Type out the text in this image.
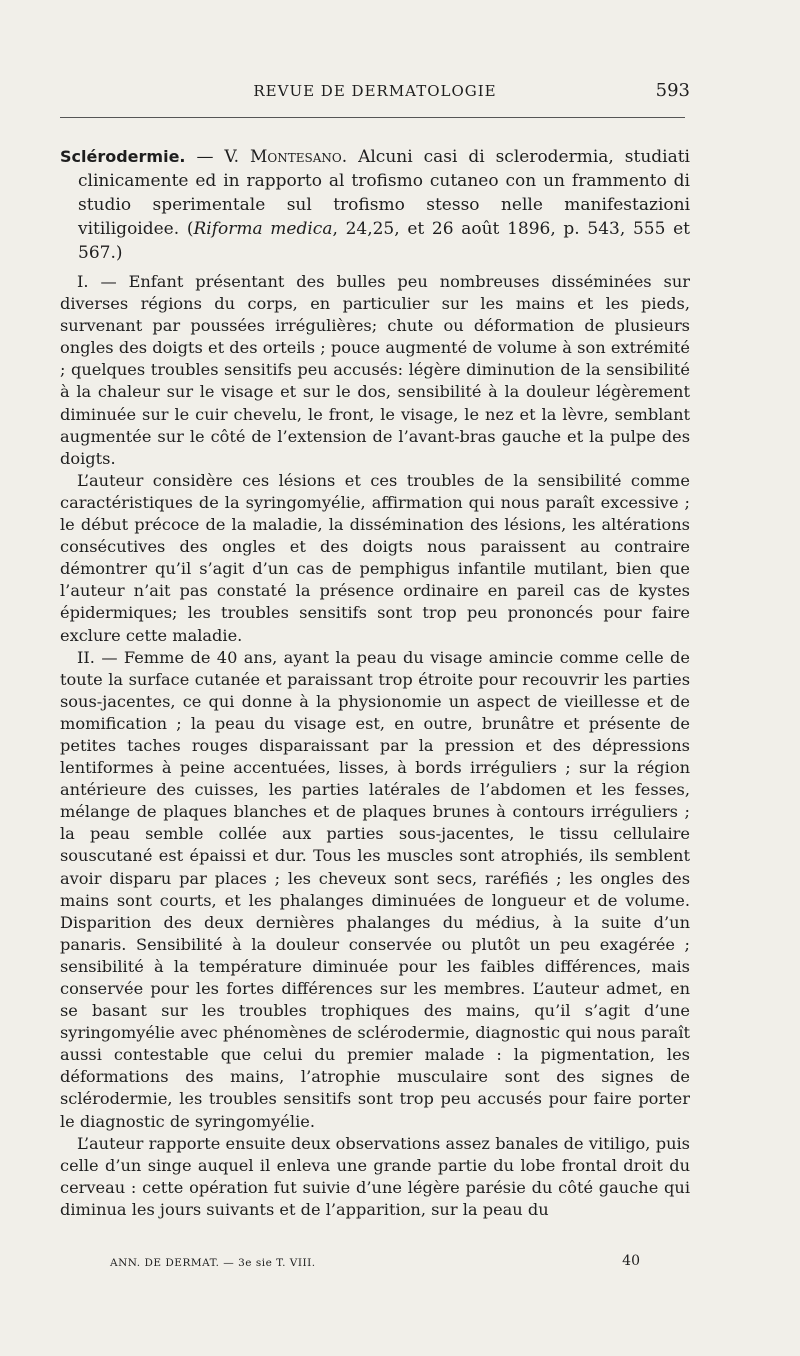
REVUE DE DERMATOLOGIE	593

Sclérodermie. — V. Montesano. Alcuni casi di sclerodermia, studiati clinicamente ed in rapporto al trofismo cutaneo con un frammento di studio sperimentale sul trofismo stesso nelle manifestazioni vitiligoidee. (Riforma medica, 24,25, et 26 août 1896, p. 543, 555 et 567.)

I. — Enfant présentant des bulles peu nombreuses disséminées sur diverses régions du corps, en particulier sur les mains et les pieds, survenant par poussées irrégulières; chute ou déformation de plusieurs ongles des doigts et des orteils ; pouce augmenté de volume à son extrémité ; quelques troubles sensitifs peu accusés: légère diminution de la sensibilité à la chaleur sur le visage et sur le dos, sensibilité à la douleur légèrement diminuée sur le cuir chevelu, le front, le visage, le nez et la lèvre, semblant augmentée sur le côté de l’extension de l’avant-bras gauche et la pulpe des doigts.

L’auteur considère ces lésions et ces troubles de la sensibilité comme caractéristiques de la syringomyélie, affirmation qui nous paraît excessive ; le début précoce de la maladie, la dissémination des lésions, les altérations consécutives des ongles et des doigts nous paraissent au contraire démontrer qu’il s’agit d’un cas de pemphigus infantile mutilant, bien que l’auteur n’ait pas constaté la présence ordinaire en pareil cas de kystes épidermiques; les troubles sensitifs sont trop peu prononcés pour faire exclure cette maladie.

II. — Femme de 40 ans, ayant la peau du visage amincie comme celle de toute la surface cutanée et paraissant trop étroite pour recouvrir les parties sous-jacentes, ce qui donne à la physionomie un aspect de vieillesse et de momification ; la peau du visage est, en outre, brunâtre et présente de petites taches rouges disparaissant par la pression et des dépressions lentiformes à peine accentuées, lisses, à bords irréguliers ; sur la région antérieure des cuisses, les parties latérales de l’abdomen et les fesses, mélange de plaques blanches et de plaques brunes à contours irréguliers ; la peau semble collée aux parties sous-jacentes, le tissu cellulaire souscutané est épaissi et dur. Tous les muscles sont atrophiés, ils semblent avoir disparu par places ; les cheveux sont secs, raréfiés ; les ongles des mains sont courts, et les phalanges diminuées de longueur et de volume. Disparition des deux dernières phalanges du médius, à la suite d’un panaris. Sensibilité à la douleur conservée ou plutôt un peu exagérée ; sensibilité à la température diminuée pour les faibles différences, mais conservée pour les fortes différences sur les membres. L’auteur admet, en se basant sur les troubles trophiques des mains, qu’il s’agit d’une syringomyélie avec phénomènes de sclérodermie, diagnostic qui nous paraît aussi contestable que celui du premier malade : la pigmentation, les déformations des mains, l’atrophie musculaire sont des signes de sclérodermie, les troubles sensitifs sont trop peu accusés pour faire porter le diagnostic de syringomyélie.

L’auteur rapporte ensuite deux observations assez banales de vitiligo, puis celle d’un singe auquel il enleva une grande partie du lobe frontal droit du cerveau : cette opération fut suivie d’une légère parésie du côté gauche qui diminua les jours suivants et de l’apparition, sur la peau du

ANN. DE DERMAT. — 3e sie T. VIII.	40
